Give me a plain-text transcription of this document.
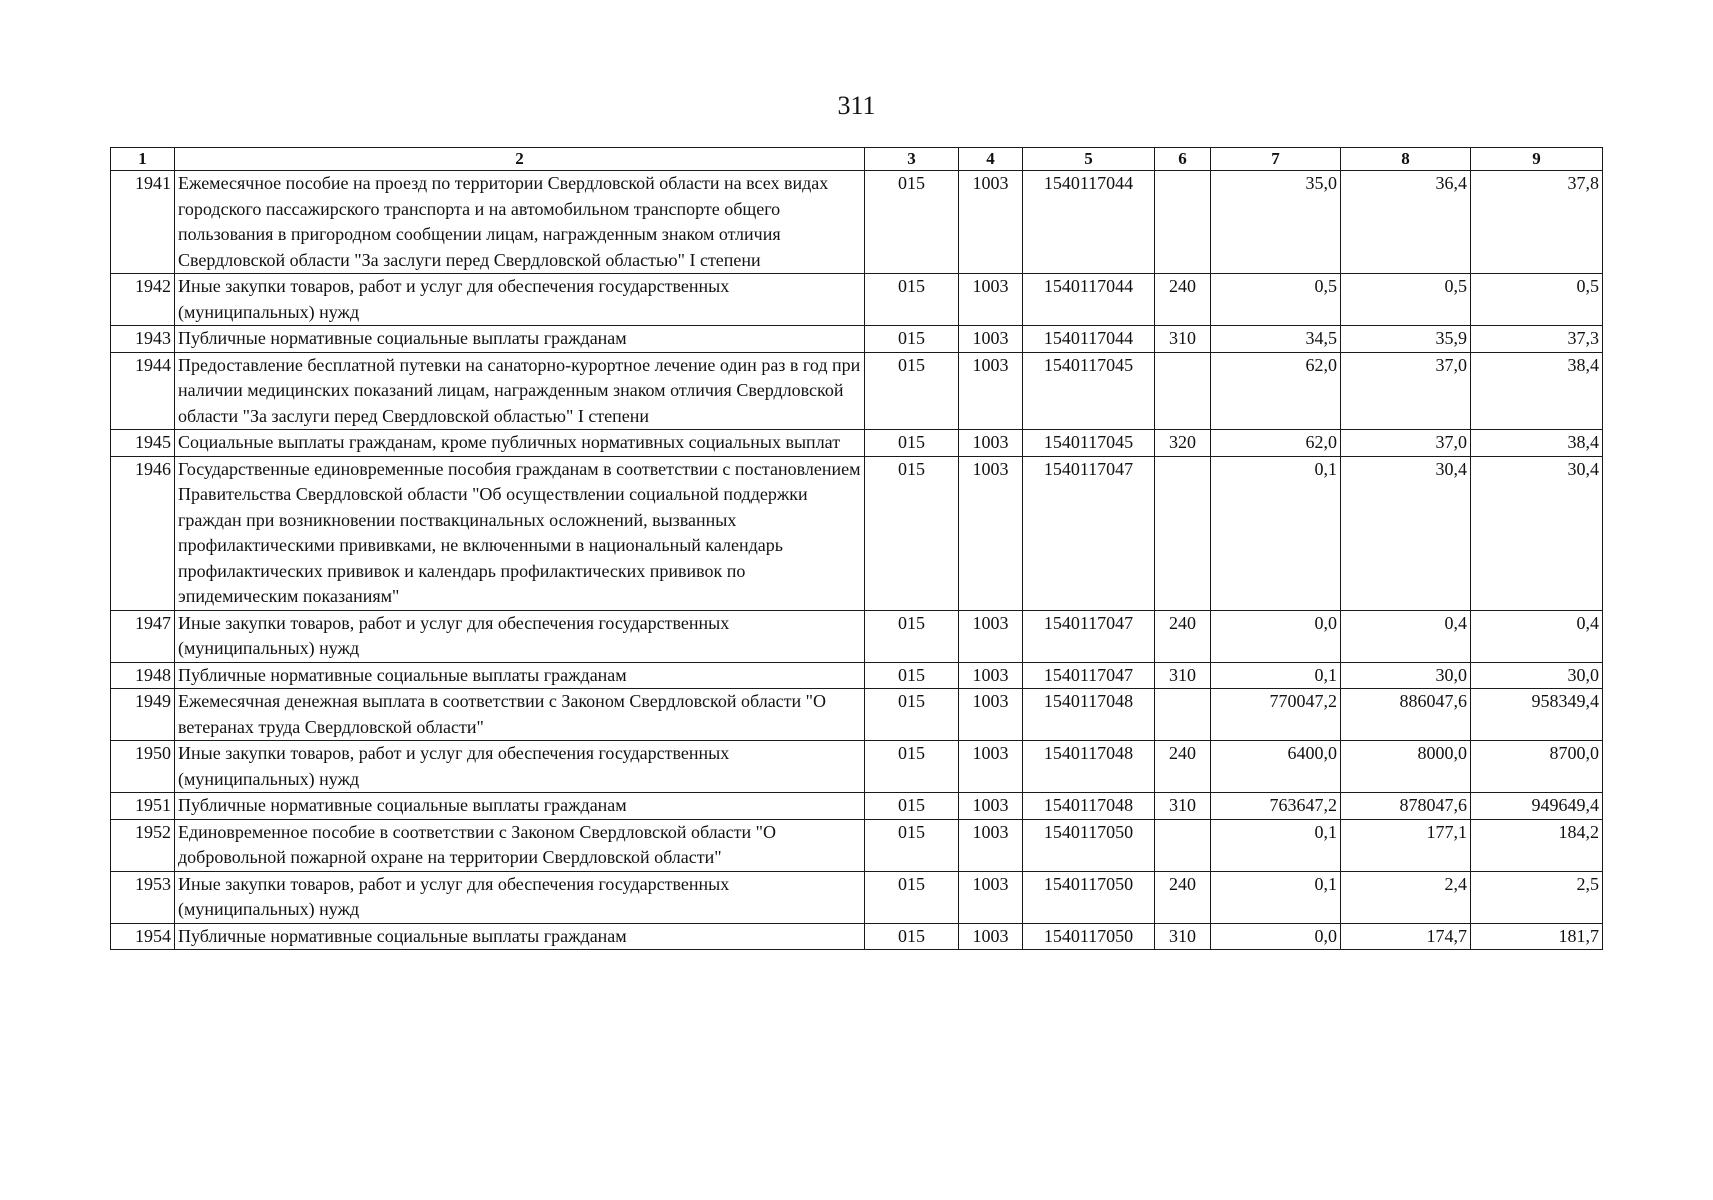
311
1	2	3	4	5	6	7	8	9
1941	Ежемесячное пособие на проезд по территории Свердловской области на всех видах городского пассажирского транспорта и на автомобильном транспорте общего пользования в пригородном сообщении лицам, награжденным знаком отличия Свердловской области "За заслуги перед Свердловской областью" I степени	015	1003	1540117044		35,0	36,4	37,8
1942	Иные закупки товаров, работ и услуг для обеспечения государственных (муниципальных) нужд	015	1003	1540117044	240	0,5	0,5	0,5
1943	Публичные нормативные социальные выплаты гражданам	015	1003	1540117044	310	34,5	35,9	37,3
1944	Предоставление бесплатной путевки на санаторно-курортное лечение один раз в год при наличии медицинских показаний лицам, награжденным знаком отличия Свердловской области "За заслуги перед Свердловской областью" I степени	015	1003	1540117045		62,0	37,0	38,4
1945	Социальные выплаты гражданам, кроме публичных нормативных социальных выплат	015	1003	1540117045	320	62,0	37,0	38,4
1946	Государственные единовременные пособия гражданам в соответствии с постановлением Правительства Свердловской области "Об осуществлении социальной поддержки граждан при возникновении поствакцинальных осложнений, вызванных профилактическими прививками, не включенными в национальный календарь профилактических прививок и календарь профилактических прививок по эпидемическим показаниям"	015	1003	1540117047		0,1	30,4	30,4
1947	Иные закупки товаров, работ и услуг для обеспечения государственных (муниципальных) нужд	015	1003	1540117047	240	0,0	0,4	0,4
1948	Публичные нормативные социальные выплаты гражданам	015	1003	1540117047	310	0,1	30,0	30,0
1949	Ежемесячная денежная выплата в соответствии с Законом Свердловской области "О ветеранах труда Свердловской области"	015	1003	1540117048		770047,2	886047,6	958349,4
1950	Иные закупки товаров, работ и услуг для обеспечения государственных (муниципальных) нужд	015	1003	1540117048	240	6400,0	8000,0	8700,0
1951	Публичные нормативные социальные выплаты гражданам	015	1003	1540117048	310	763647,2	878047,6	949649,4
1952	Единовременное пособие в соответствии с Законом Свердловской области "О добровольной пожарной охране на территории Свердловской области"	015	1003	1540117050		0,1	177,1	184,2
1953	Иные закупки товаров, работ и услуг для обеспечения государственных (муниципальных) нужд	015	1003	1540117050	240	0,1	2,4	2,5
1954	Публичные нормативные социальные выплаты гражданам	015	1003	1540117050	310	0,0	174,7	181,7
